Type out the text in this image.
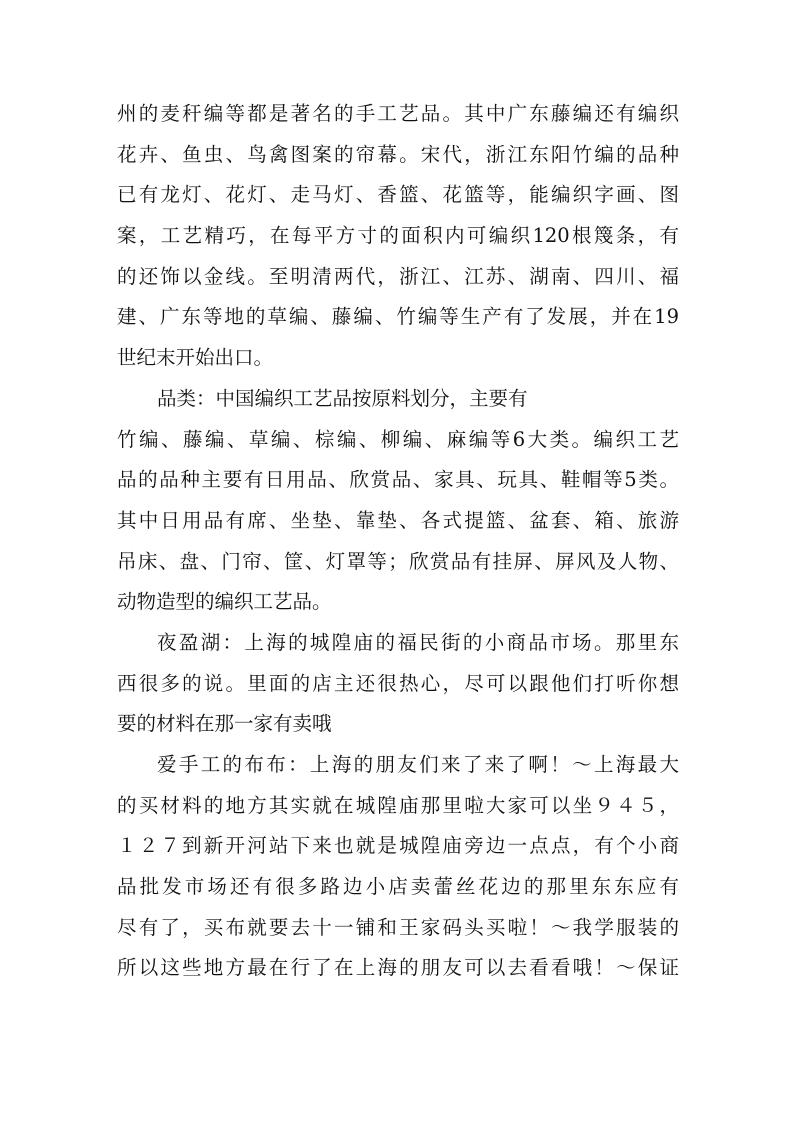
州的麦秆编等都是著名的手工艺品。其中广东藤编还有编织
花卉、鱼虫、鸟禽图案的帘幕。宋代，浙江东阳竹编的品种
已有龙灯、花灯、走马灯、香篮、花篮等，能编织字画、图
案，工艺精巧，在每平方寸的面积内可编织120根篾条，有
的还饰以金线。至明清两代，浙江、江苏、湖南、四川、福
建、广东等地的草编、藤编、竹编等生产有了发展，并在19
世纪末开始出口。
品类：中国编织工艺品按原料划分，主要有
竹编、藤编、草编、棕编、柳编、麻编等6大类。编织工艺
品的品种主要有日用品、欣赏品、家具、玩具、鞋帽等5类。
其中日用品有席、坐垫、靠垫、各式提篮、盆套、箱、旅游
吊床、盘、门帘、筐、灯罩等；欣赏品有挂屏、屏风及人物、
动物造型的编织工艺品。
夜盈湖：上海的城隍庙的福民街的小商品市场。那里东
西很多的说。里面的店主还很热心，尽可以跟他们打听你想
要的材料在那一家有卖哦
爱手工的布布：上海的朋友们来了来了啊！～上海最大
的买材料的地方其实就在城隍庙那里啦大家可以坐９４５，
１２７到新开河站下来也就是城隍庙旁边一点点，有个小商
品批发市场还有很多路边小店卖蕾丝花边的那里东东应有
尽有了，买布就要去十一铺和王家码头买啦！～我学服装的
所以这些地方最在行了在上海的朋友可以去看看哦！～保证
